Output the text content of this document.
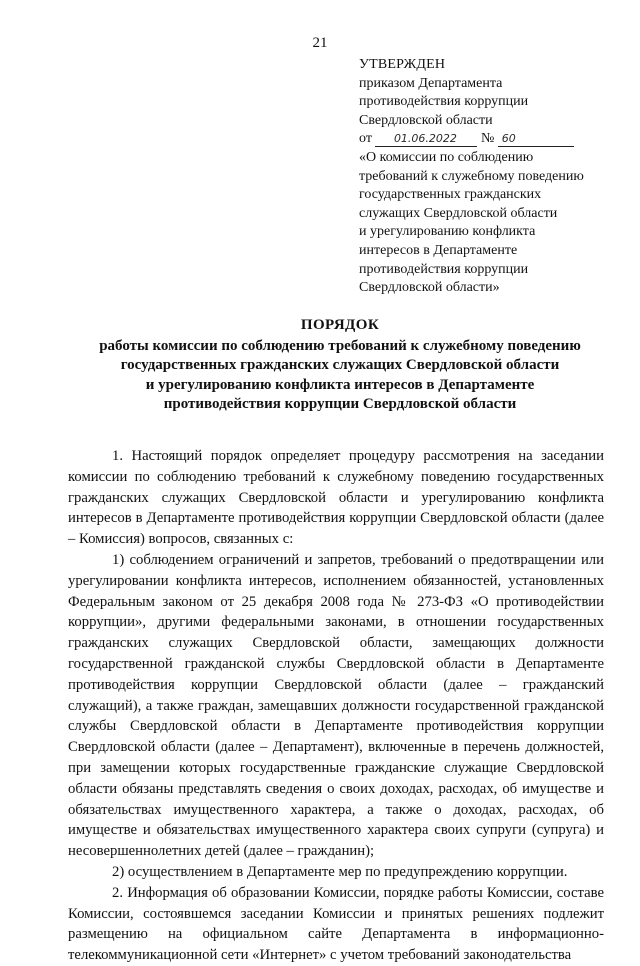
21
УТВЕРЖДЕН
приказом Департамента
противодействия коррупции
Свердловской области
от 01.06.2022 № 60
«О комиссии по соблюдению
требований к служебному поведению
государственных гражданских
служащих Свердловской области
и урегулированию конфликта
интересов в Департаменте
противодействия коррупции
Свердловской области»
ПОРЯДОК
работы комиссии по соблюдению требований к служебному поведению
государственных гражданских служащих Свердловской области
и урегулированию конфликта интересов в Департаменте
противодействия коррупции Свердловской области

1. Настоящий порядок определяет процедуру рассмотрения на заседании комиссии по соблюдению требований к служебному поведению государственных гражданских служащих Свердловской области и урегулированию конфликта интересов в Департаменте противодействия коррупции Свердловской области (далее – Комиссия) вопросов, связанных с:

1) соблюдением ограничений и запретов, требований о предотвращении или урегулировании конфликта интересов, исполнением обязанностей, установленных Федеральным законом от 25 декабря 2008 года № 273-ФЗ «О противодействии коррупции», другими федеральными законами, в отношении государственных гражданских служащих Свердловской области, замещающих должности государственной гражданской службы Свердловской области в Департаменте противодействия коррупции Свердловской области (далее – гражданский служащий), а также граждан, замещавших должности государственной гражданской службы Свердловской области в Департаменте противодействия коррупции Свердловской области (далее – Департамент), включенные в перечень должностей, при замещении которых государственные гражданские служащие Свердловской области обязаны представлять сведения о своих доходах, расходах, об имуществе и обязательствах имущественного характера, а также о доходах, расходах, об имуществе и обязательствах имущественного характера своих супруги (супруга) и несовершеннолетних детей (далее – гражданин);

2) осуществлением в Департаменте мер по предупреждению коррупции.

2. Информация об образовании Комиссии, порядке работы Комиссии, составе Комиссии, состоявшемся заседании Комиссии и принятых решениях подлежит размещению на официальном сайте Департамента в информационно-телекоммуникационной сети «Интернет» с учетом требований законодательства
